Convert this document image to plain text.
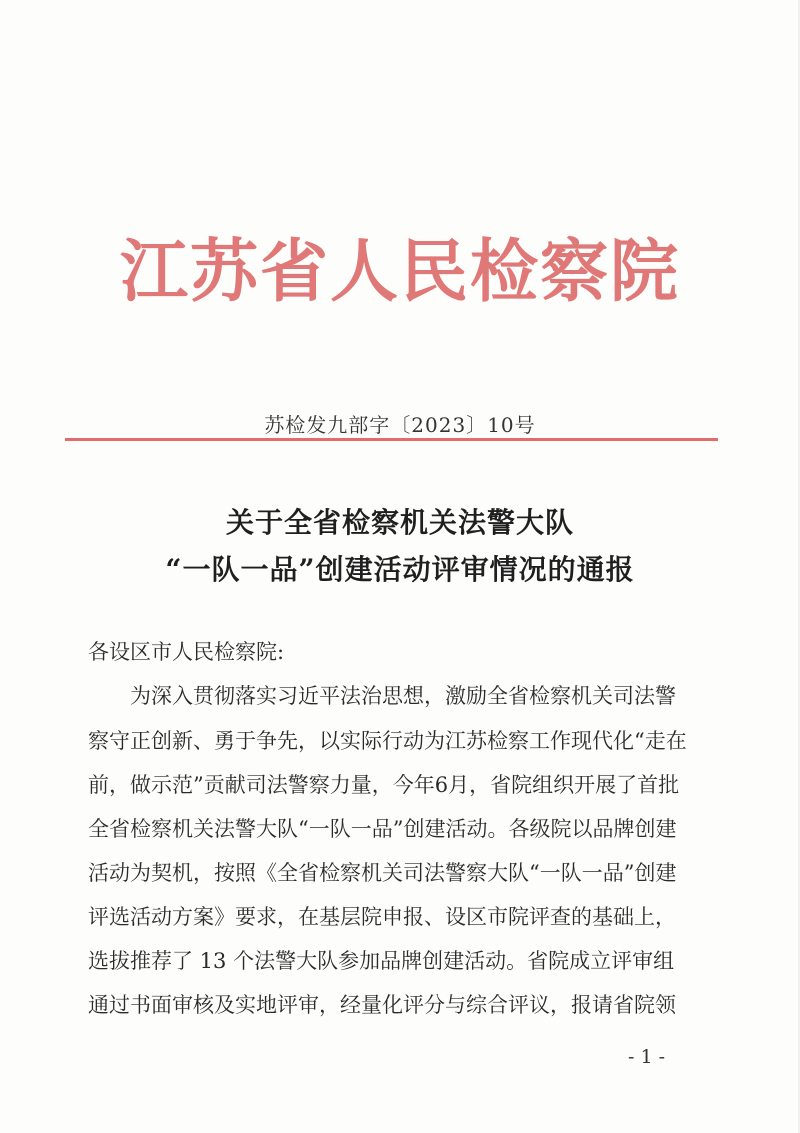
江苏省人民检察院
苏检发九部字〔2023〕10号
关于全省检察机关法警大队
“一队一品”创建活动评审情况的通报
各设区市人民检察院:
　　为深入贯彻落实习近平法治思想，激励全省检察机关司法警
察守正创新、勇于争先，以实际行动为江苏检察工作现代化“走在
前，做示范”贡献司法警察力量，今年6月，省院组织开展了首批
全省检察机关法警大队“一队一品”创建活动。各级院以品牌创建
活动为契机，按照《全省检察机关司法警察大队“一队一品”创建
评选活动方案》要求，在基层院申报、设区市院评查的基础上，
选拔推荐了 13 个法警大队参加品牌创建活动。省院成立评审组
通过书面审核及实地评审，经量化评分与综合评议，报请省院领
- 1 -
